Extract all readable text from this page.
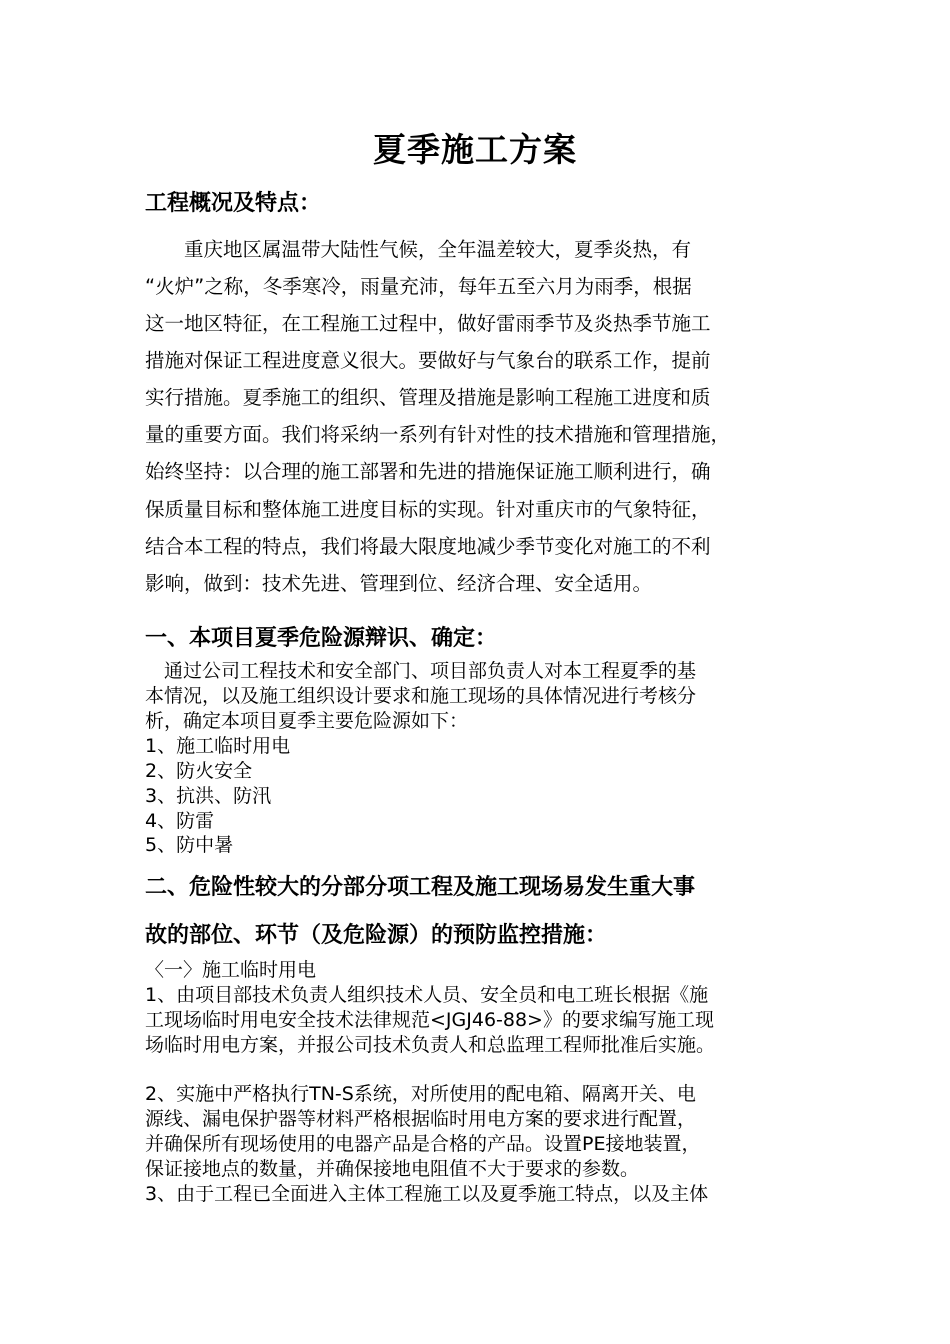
夏季施工方案
工程概况及特点：

　　重庆地区属温带大陆性气候，全年温差较大，夏季炎热，有

“火炉”之称，冬季寒冷，雨量充沛，每年五至六月为雨季，根据

这一地区特征，在工程施工过程中，做好雷雨季节及炎热季节施工

措施对保证工程进度意义很大。要做好与气象台的联系工作，提前

实行措施。夏季施工的组织、管理及措施是影响工程施工进度和质

量的重要方面。我们将采纳一系列有针对性的技术措施和管理措施，

始终坚持：以合理的施工部署和先进的措施保证施工顺利进行，确

保质量目标和整体施工进度目标的实现。针对重庆市的气象特征，

结合本工程的特点，我们将最大限度地减少季节变化对施工的不利

影响，做到：技术先进、管理到位、经济合理、安全适用。

一、本项目夏季危险源辩识、确定：

　通过公司工程技术和安全部门、项目部负责人对本工程夏季的基

本情况，以及施工组织设计要求和施工现场的具体情况进行考核分

析，确定本项目夏季主要危险源如下：

1、施工临时用电

2、防火安全

3、抗洪、防汛

4、防雷

5、防中暑

二、危险性较大的分部分项工程及施工现场易发生重大事
故的部位、环节（及危险源）的预防监控措施：

〈一〉施工临时用电

1、由项目部技术负责人组织技术人员、安全员和电工班长根据《施

工现场临时用电安全技术法律规范<JGJ46-88>》的要求编写施工现

场临时用电方案，并报公司技术负责人和总监理工程师批准后实施。

2、实施中严格执行TN-S系统，对所使用的配电箱、隔离开关、电

源线、漏电保护器等材料严格根据临时用电方案的要求进行配置，

并确保所有现场使用的电器产品是合格的产品。设置PE接地装置，

保证接地点的数量，并确保接地电阻值不大于要求的参数。

3、由于工程已全面进入主体工程施工以及夏季施工特点，以及主体
